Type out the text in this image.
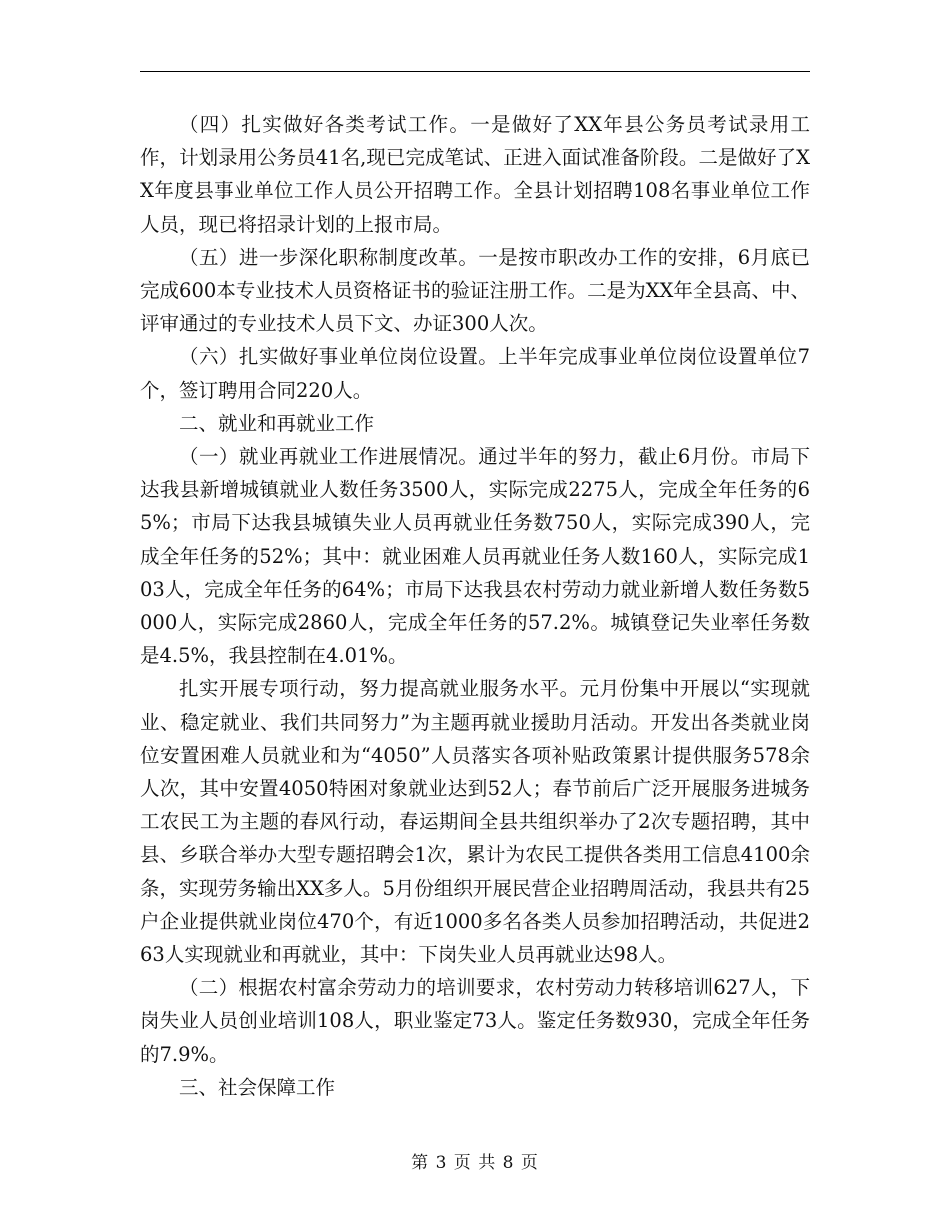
（四）扎实做好各类考试工作。一是做好了XX年县公务员考试录用工作，计划录用公务员41名,现已完成笔试、正进入面试准备阶段。二是做好了XX年度县事业单位工作人员公开招聘工作。全县计划招聘108名事业单位工作人员，现已将招录计划的上报市局。

（五）进一步深化职称制度改革。一是按市职改办工作的安排，6月底已完成600本专业技术人员资格证书的验证注册工作。二是为XX年全县高、中、评审通过的专业技术人员下文、办证300人次。

（六）扎实做好事业单位岗位设置。上半年完成事业单位岗位设置单位7个，签订聘用合同220人。

二、就业和再就业工作

（一）就业再就业工作进展情况。通过半年的努力，截止6月份。市局下达我县新增城镇就业人数任务3500人，实际完成2275人，完成全年任务的65%；市局下达我县城镇失业人员再就业任务数750人，实际完成390人，完成全年任务的52%；其中：就业困难人员再就业任务人数160人，实际完成103人，完成全年任务的64%；市局下达我县农村劳动力就业新增人数任务数5000人，实际完成2860人，完成全年任务的57.2%。城镇登记失业率任务数是4.5%，我县控制在4.01%。

扎实开展专项行动，努力提高就业服务水平。元月份集中开展以“实现就业、稳定就业、我们共同努力”为主题再就业援助月活动。开发出各类就业岗位安置困难人员就业和为“4050”人员落实各项补贴政策累计提供服务578余人次，其中安置4050特困对象就业达到52人；春节前后广泛开展服务进城务工农民工为主题的春风行动，春运期间全县共组织举办了2次专题招聘，其中县、乡联合举办大型专题招聘会1次，累计为农民工提供各类用工信息4100余条，实现劳务输出XX多人。5月份组织开展民营企业招聘周活动，我县共有25户企业提供就业岗位470个，有近1000多名各类人员参加招聘活动，共促进263人实现就业和再就业，其中：下岗失业人员再就业达98人。

（二）根据农村富余劳动力的培训要求，农村劳动力转移培训627人，下岗失业人员创业培训108人，职业鉴定73人。鉴定任务数930，完成全年任务的7.9%。

三、社会保障工作

第 3 页 共 8 页
